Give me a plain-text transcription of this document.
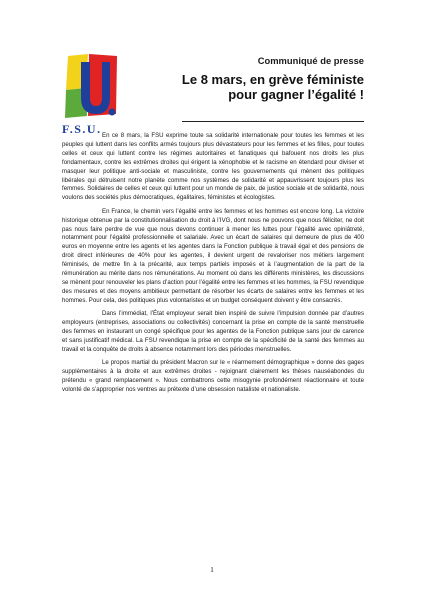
F.S.U.
Communiqué de presse
Le 8 mars, en grève féministe
pour gagner l’égalité !

En ce 8 mars, la FSU exprime toute sa solidarité internationale pour toutes les femmes et les peuples qui luttent dans les conflits armés toujours plus dévastateurs pour les femmes et les filles, pour toutes celles et ceux qui luttent contre les régimes autoritaires et fanatiques qui bafouent nos droits les plus fondamentaux, contre les extrêmes droites qui érigent la xénophobie et le racisme en étendard pour diviser et masquer leur politique anti-sociale et masculiniste, contre les gouvernements qui mènent des politiques libérales qui détruisent notre planète comme nos systèmes de solidarité et appauvrissent toujours plus les femmes. Solidaires de celles et ceux qui luttent pour un monde de paix, de justice sociale et de solidarité, nous voulons des sociétés plus démocratiques, égalitaires, féministes et écologistes.

En France, le chemin vers l’égalité entre les femmes et les hommes est encore long. La victoire historique obtenue par la constitutionnalisation du droit à l’IVG, dont nous ne pouvons que nous féliciter, ne doit pas nous faire perdre de vue que nous devons continuer à mener les luttes pour l’égalité avec opiniâtreté, notamment pour l’égalité professionnelle et salariale. Avec un écart de salaires qui demeure de plus de 400 euros en moyenne entre les agents et les agentes dans la Fonction publique à travail égal et des pensions de droit direct inférieures de 40% pour les agentes, il devient urgent de revaloriser nos métiers largement féminisés, de mettre fin à la précarité, aux temps partiels imposés et à l’augmentation de la part de la rémunération au mérite dans nos rémunérations. Au moment où dans les différents ministères, les discussions se mènent pour renouveler les plans d’action pour l’égalité entre les femmes et les hommes, la FSU revendique des mesures et des moyens ambitieux permettant de résorber les écarts de salaires entre les femmes et les hommes. Pour cela, des politiques plus volontaristes et un budget conséquent doivent y être consacrés.

Dans l’immédiat, l’État employeur serait bien inspiré de suivre l’impulsion donnée par d’autres employeurs (entreprises, associations ou collectivités) concernant la prise en compte de la santé menstruelle des femmes en instaurant un congé spécifique pour les agentes de la Fonction publique sans jour de carence et sans justificatif médical. La FSU revendique la prise en compte de la spécificité de la santé des femmes au travail et la conquête de droits à absence notamment lors des périodes menstruelles.

Le propos martial du président Macron sur le « réarmement démographique » donne des gages supplémentaires à la droite et aux extrêmes droites - rejoignant clairement les thèses nauséabondes du prétendu « grand remplacement ». Nous combattrons cette misogynie profondément réactionnaire et toute volonté de s’approprier nos ventres au prétexte d’une obsession nataliste et nationaliste.

1
